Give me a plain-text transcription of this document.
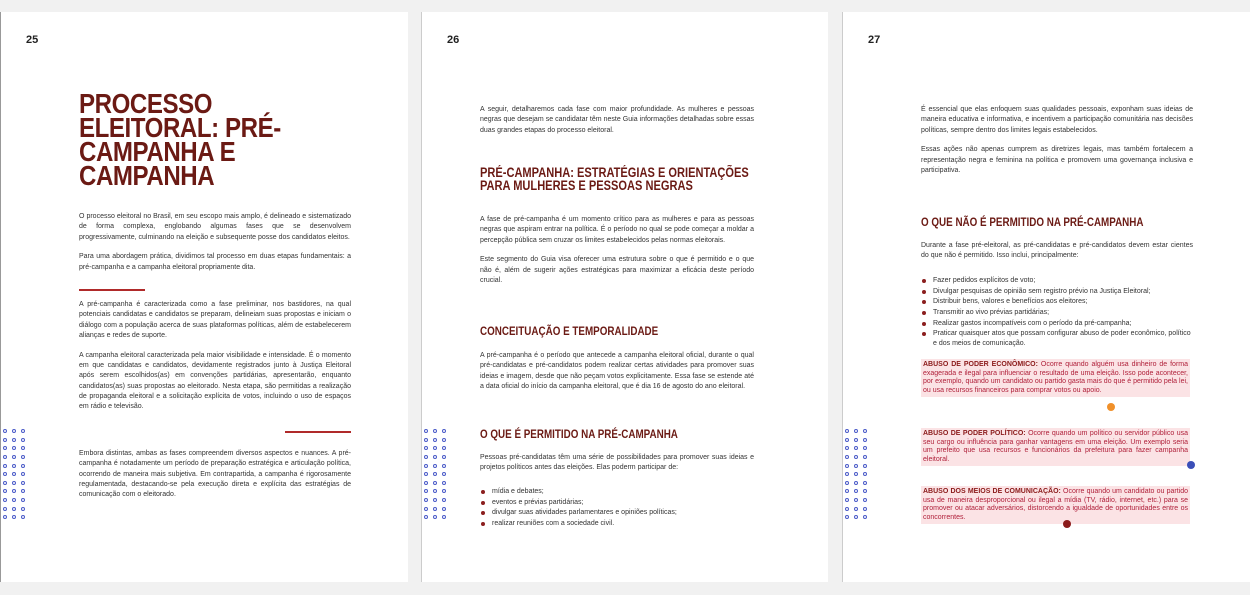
25
PROCESSO ELEITORAL: PRÉ-CAMPANHA E CAMPANHA

O processo eleitoral no Brasil, em seu escopo mais amplo, é delineado e sistematizado de forma complexa, englobando algumas fases que se desenvolvem progressivamente, culminando na eleição e subsequente posse dos candidatos eleitos.

Para uma abordagem prática, dividimos tal processo em duas etapas fundamentais: a pré-campanha e a campanha eleitoral propriamente dita.

A pré-campanha é caracterizada como a fase preliminar, nos bastidores, na qual potenciais candidatas e candidatos se preparam, delineiam suas propostas e iniciam o diálogo com a população acerca de suas plataformas políticas, além de estabelecerem alianças e redes de suporte.

A campanha eleitoral caracterizada pela maior visibilidade e intensidade. É o momento em que candidatas e candidatos, devidamente registrados junto à Justiça Eleitoral após serem escolhidos(as) em convenções partidárias, apresentarão, enquanto candidatos(as) suas propostas ao eleitorado. Nesta etapa, são permitidas a realização de propaganda eleitoral e a solicitação explícita de votos, incluindo o uso de espaços em rádio e televisão.

Embora distintas, ambas as fases compreendem diversos aspectos e nuances. A pré-campanha é notadamente um período de preparação estratégica e articulação política, ocorrendo de maneira mais subjetiva. Em contrapartida, a campanha é rigorosamente regulamentada, destacando-se pela execução direta e explícita das estratégias de comunicação com o eleitorado.

26

A seguir, detalharemos cada fase com maior profundidade. As mulheres e pessoas negras que desejam se candidatar têm neste Guia informações detalhadas sobre essas duas grandes etapas do processo eleitoral.

PRÉ-CAMPANHA: ESTRATÉGIAS E ORIENTAÇÕES PARA MULHERES E PESSOAS NEGRAS

A fase de pré-campanha é um momento crítico para as mulheres e para as pessoas negras que aspiram entrar na política. É o período no qual se pode começar a moldar a percepção pública sem cruzar os limites estabelecidos pelas normas eleitorais.

Este segmento do Guia visa oferecer uma estrutura sobre o que é permitido e o que não é, além de sugerir ações estratégicas para maximizar a eficácia deste período crucial.

CONCEITUAÇÃO E TEMPORALIDADE

A pré-campanha é o período que antecede a campanha eleitoral oficial, durante o qual pré-candidatas e pré-candidatos podem realizar certas atividades para promover suas ideias e imagem, desde que não peçam votos explicitamente. Essa fase se estende até a data oficial do início da campanha eleitoral, que é dia 16 de agosto do ano eleitoral.

O QUE É PERMITIDO NA PRÉ-CAMPANHA

Pessoas pré-candidatas têm uma série de possibilidades para promover suas ideias e projetos políticos antes das eleições. Elas poderm participar de:

mídia e debates;
eventos e prévias partidárias;
divulgar suas atividades parlamentares e opiniões políticas;
realizar reuniões com a sociedade civil.
27

É essencial que elas enfoquem suas qualidades pessoais, exponham suas ideias de maneira educativa e informativa, e incentivem a participação comunitária nas decisões políticas, sempre dentro dos limites legais estabelecidos.

Essas ações não apenas cumprem as diretrizes legais, mas também fortalecem a representação negra e feminina na política e promovem uma governança inclusiva e participativa.

O QUE NÃO É PERMITIDO NA PRÉ-CAMPANHA

Durante a fase pré-eleitoral, as pré-candidatas e pré-candidatos devem estar cientes do que não é permitido. Isso inclui, principalmente:

Fazer pedidos explícitos de voto;
Divulgar pesquisas de opinião sem registro prévio na Justiça Eleitoral;
Distribuir bens, valores e benefícios aos eleitores;
Transmitir ao vivo prévias partidárias;
Realizar gastos incompatíveis com o período da pré-campanha;
Praticar quaisquer atos que possam configurar abuso de poder econômico, político e dos meios de comunicação.
ABUSO DE PODER ECONÔMICO: Ocorre quando alguém usa dinheiro de forma exagerada e ilegal para influenciar o resultado de uma eleição. Isso pode acontecer, por exemplo, quando um candidato ou partido gasta mais do que é permitido pela lei, ou usa recursos financeiros para comprar votos ou apoio.
ABUSO DE PODER POLÍTICO: Ocorre quando um político ou servidor público usa seu cargo ou influência para ganhar vantagens em uma eleição. Um exemplo seria um prefeito que usa recursos e funcionários da prefeitura para fazer campanha eleitoral.
ABUSO DOS MEIOS DE COMUNICAÇÃO: Ocorre quando um candidato ou partido usa de maneira desproporcional ou ilegal a mídia (TV, rádio, internet, etc.) para se promover ou atacar adversários, distorcendo a igualdade de oportunidades entre os concorrentes.
